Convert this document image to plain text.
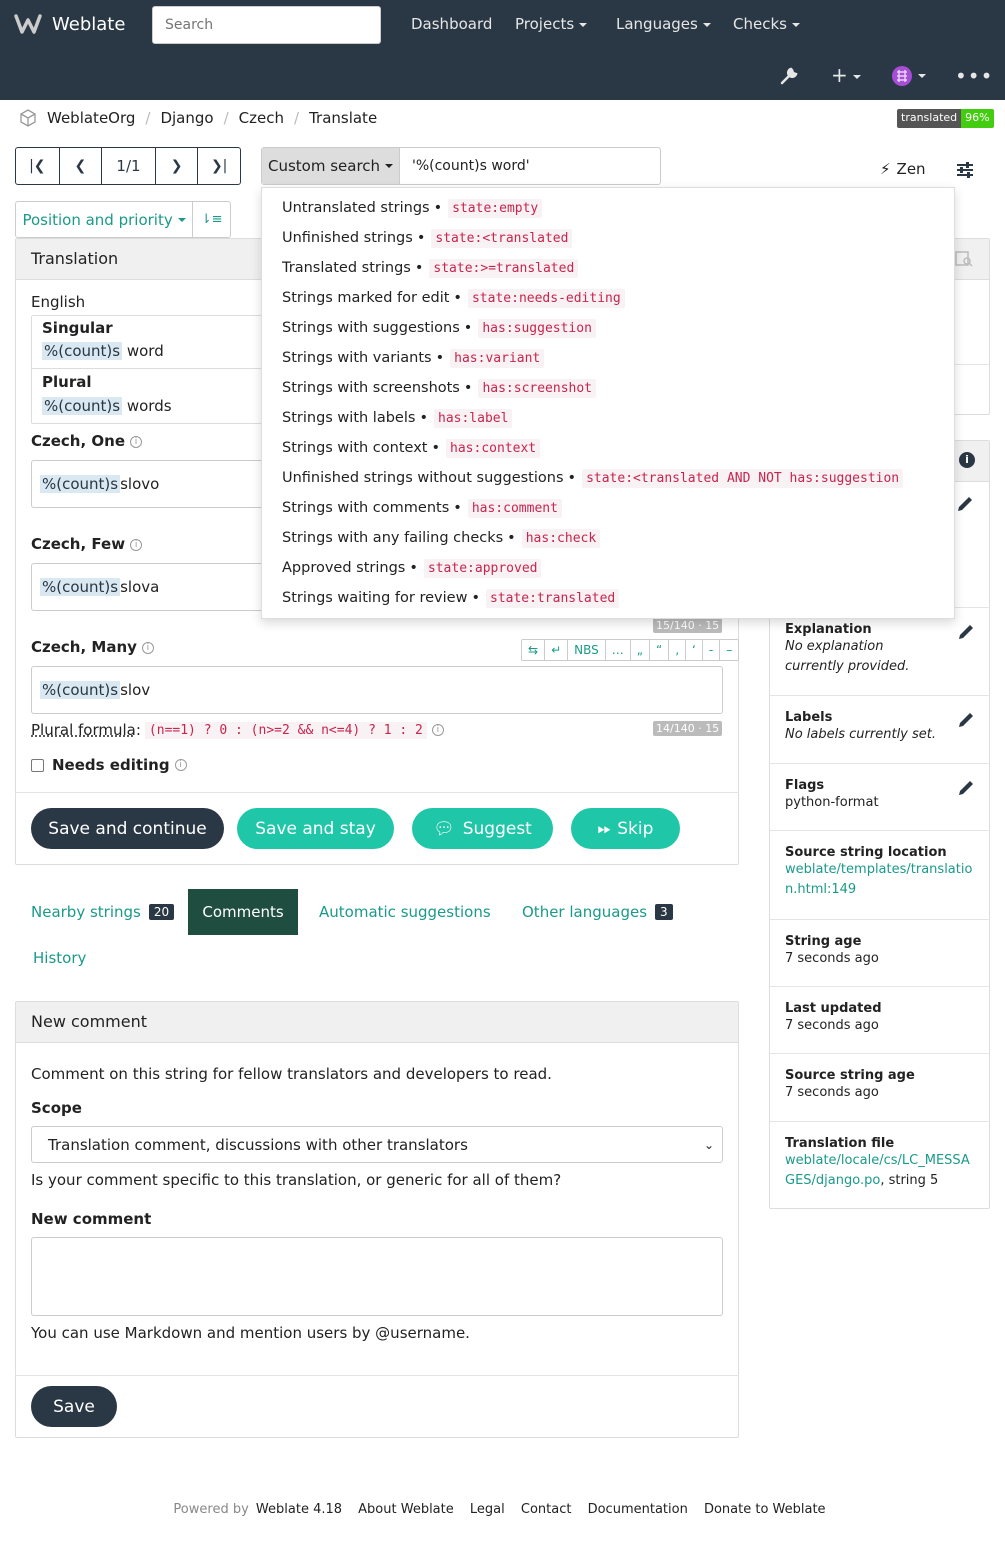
Weblate
Search	Dashboard Projects	Languages	Checks
+	•••
WeblateOrg / Django / Czech / Translate	translated 96%
|❮ ❮	1/1	❯ ❯|	Custom search	'%(count)s word'	⚡︎ Zen
Position and priority ⇂≡
Translation
English
Singular
%(count)s word
Plural
%(count)s words
Czech, One i
%(count)s slovo
Czech, Few i
%(count)s slova
15/140 · 15
Czech, Many i	⇆	↵	NBS	…	„	“	‚	‘	-	–
%(count)s slov
14/140 · 15
Plural formula : (n==1) ? 0 : (n>=2 && n<=4) ? 1 : 2	i
Needs editing	i
Save and continue	Save and stay	💬︎ Suggest	⏩︎ Skip
Nearby strings	20	Comments	Automatic suggestions Other languages	3
History
New comment
Comment on this string for fellow translators and developers to read.
Scope
Translation comment, discussions with other translators	⌄
Is your comment specific to this translation, or generic for all of them?
New comment
You can use Markdown and mention users by @username.
Save
i
Explanation
No explanation currently provided.
Labels
No labels currently set.
Flags
python-format
Source string location
weblate/templates/translation.html:149
String age
7 seconds ago
Last updated
7 seconds ago
Source string age
7 seconds ago
Translation file
weblate/locale/cs/LC_MESSAGES/django.po, string 5
Untranslated strings • state:empty
Unfinished strings • state:<translated
Translated strings • state:>=translated
Strings marked for edit • state:needs-editing
Strings with suggestions • has:suggestion
Strings with variants • has:variant
Strings with screenshots • has:screenshot
Strings with labels • has:label
Strings with context • has:context
Unfinished strings without suggestions • state:<translated AND NOT has:suggestion
Strings with comments • has:comment
Strings with any failing checks • has:check
Approved strings • state:approved
Strings waiting for review • state:translated
Powered by Weblate 4.18 About Weblate Legal Contact Documentation Donate to Weblate
